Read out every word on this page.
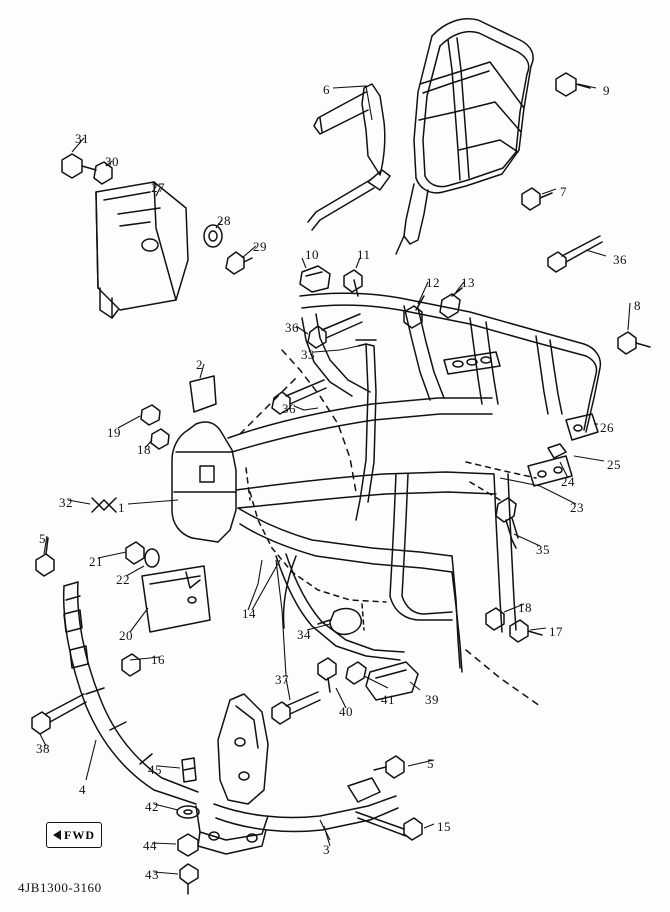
FWD
4JB1300-3160
1
2
3
4
5
5
6
7
8
9
10	11
12 13
14
15
16
17
18
18
19
20
21
22
23
24
25
26
27
28
29
30
31
32
33
34
35
36
36
36
37
38
39
40
41
42
43
44
45
